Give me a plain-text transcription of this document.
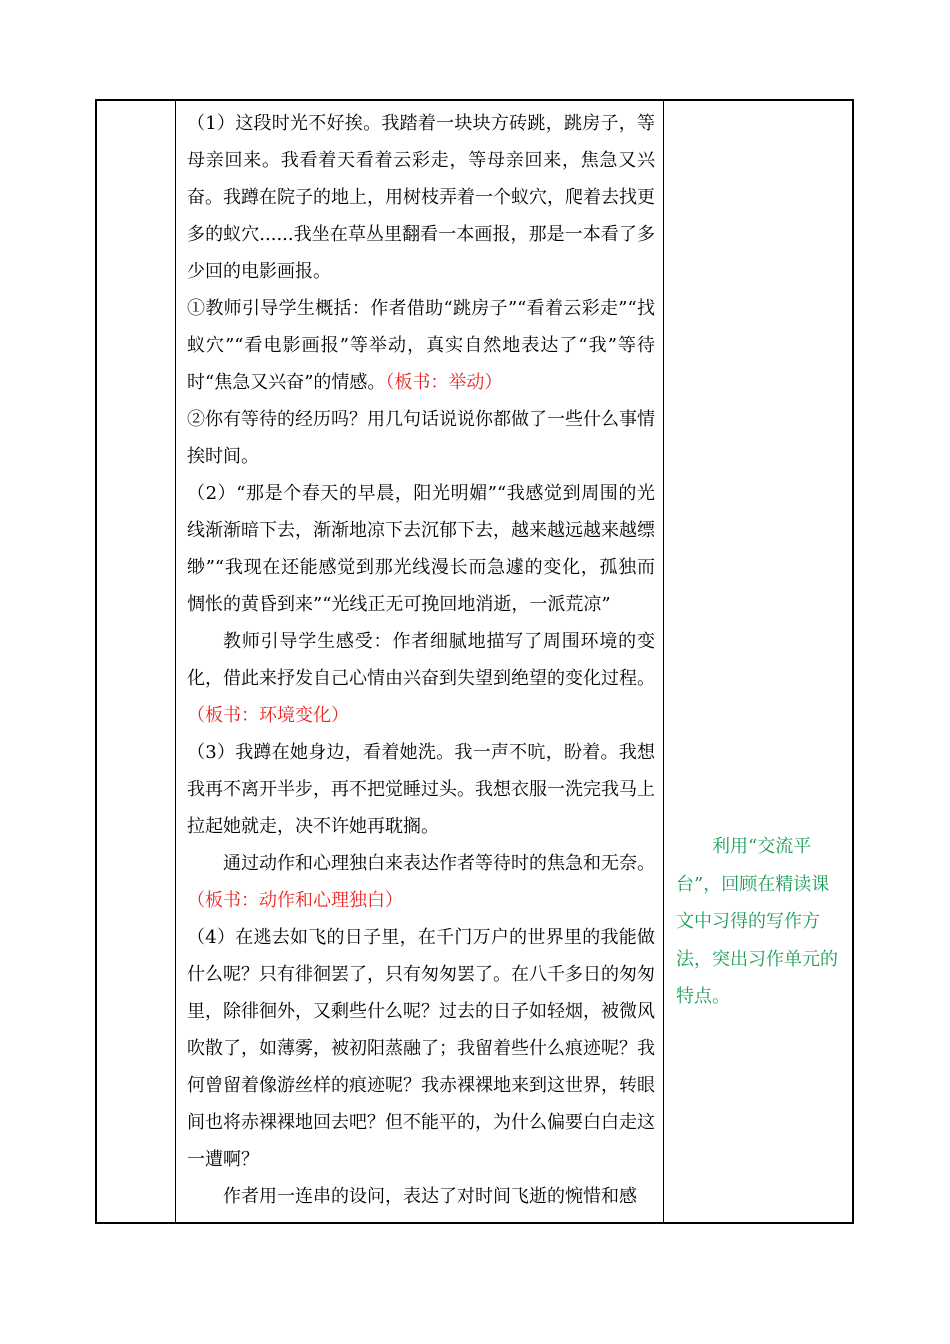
（1）这段时光不好挨。我踏着一块块方砖跳，跳房子，等母亲回来。我看着天看着云彩走，等母亲回来，焦急又兴奋。我蹲在院子的地上，用树枝弄着一个蚁穴，爬着去找更多的蚁穴......我坐在草丛里翻看一本画报，那是一本看了多少回的电影画报。

①教师引导学生概括：作者借助“跳房子”“看着云彩走”“找蚁穴”“看电影画报”等举动，真实自然地表达了“我”等待时“焦急又兴奋”的情感。（板书：举动）

②你有等待的经历吗？用几句话说说你都做了一些什么事情挨时间。

（2）“那是个春天的早晨，阳光明媚”“我感觉到周围的光线渐渐暗下去，渐渐地凉下去沉郁下去，越来越远越来越缥缈”“我现在还能感觉到那光线漫长而急遽的变化，孤独而惆怅的黄昏到来”“光线正无可挽回地消逝，一派荒凉”

教师引导学生感受：作者细腻地描写了周围环境的变化，借此来抒发自己心情由兴奋到失望到绝望的变化过程。（板书：环境变化）

（3）我蹲在她身边，看着她洗。我一声不吭，盼着。我想我再不离开半步，再不把觉睡过头。我想衣服一洗完我马上拉起她就走，决不许她再耽搁。

通过动作和心理独白来表达作者等待时的焦急和无奈。（板书：动作和心理独白）

（4）在逃去如飞的日子里，在千门万户的世界里的我能做什么呢？只有徘徊罢了，只有匆匆罢了。在八千多日的匆匆里，除徘徊外，又剩些什么呢？过去的日子如轻烟，被微风吹散了，如薄雾，被初阳蒸融了；我留着些什么痕迹呢？我何曾留着像游丝样的痕迹呢？我赤裸裸地来到这世界，转眼间也将赤裸裸地回去吧？但不能平的，为什么偏要白白走这一遭啊？

作者用一连串的设问，表达了对时间飞逝的惋惜和感

利用“交流平台”，回顾在精读课文中习得的写作方法，突出习作单元的特点。
